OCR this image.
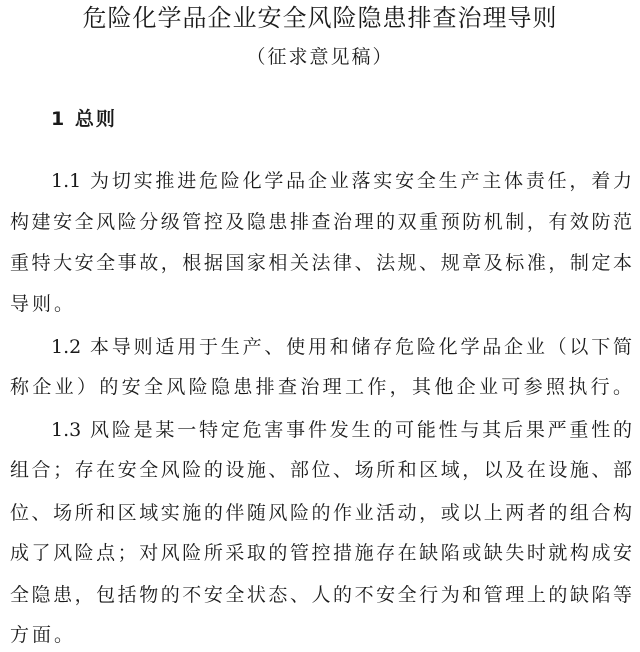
危险化学品企业安全风险隐患排查治理导则
（征求意见稿）
1 总则
1.1 为切实推进危险化学品企业落实安全生产主体责任，着力
构建安全风险分级管控及隐患排查治理的双重预防机制，有效防范
重特大安全事故，根据国家相关法律、法规、规章及标准，制定本
导则。
1.2 本导则适用于生产、使用和储存危险化学品企业（以下简
称企业）的安全风险隐患排查治理工作，其他企业可参照执行。
1.3 风险是某一特定危害事件发生的可能性与其后果严重性的
组合；存在安全风险的设施、部位、场所和区域，以及在设施、部
位、场所和区域实施的伴随风险的作业活动，或以上两者的组合构
成了风险点；对风险所采取的管控措施存在缺陷或缺失时就构成安
全隐患，包括物的不安全状态、人的不安全行为和管理上的缺陷等
方面。
